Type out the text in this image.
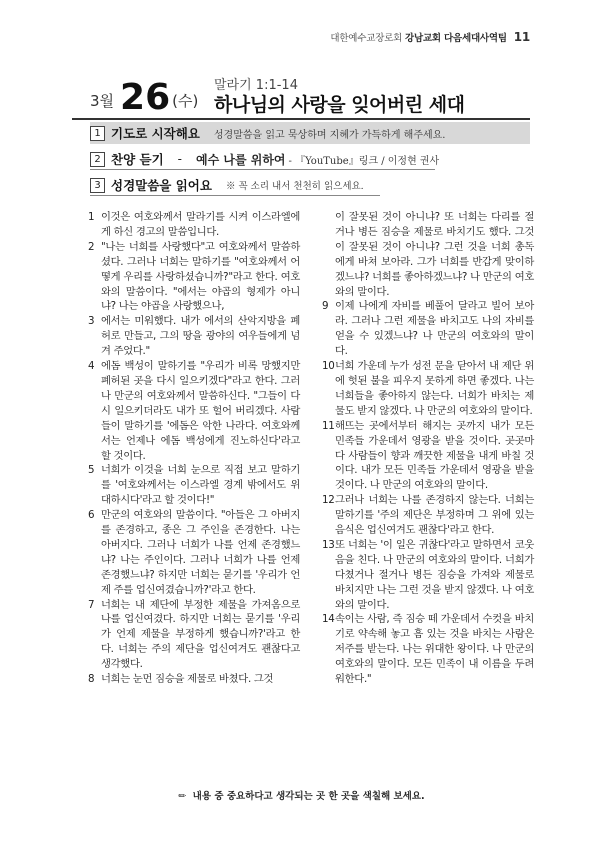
대한예수교장로회 강남교회 다음세대사역팀 11
3월 26 (수)
말라기 1:1-14
하나님의 사랑을 잊어버린 세대
1 기도로 시작해요 성경말씀을 읽고 묵상하며 지혜가 가득하게 해주세요.
2 찬양 듣기 - 예수 나를 위하여 - 『YouTube』링크 / 이정현 권사
3 성경말씀을 읽어요 ※ 꼭 소리 내서 천천히 읽으세요.
1 이것은 여호와께서 말라기를 시켜 이스라엘에게 하신 경고의 말씀입니다.
2 "나는 너희를 사랑했다"고 여호와께서 말씀하셨다. 그러나 너희는 말하기를 "여호와께서 어떻게 우리를 사랑하셨습니까?"라고 한다. 여호와의 말씀이다. "에서는 야곱의 형제가 아니냐? 나는 야곱을 사랑했으나,
3 에서는 미워했다. 내가 에서의 산악지방을 폐허로 만들고, 그의 땅을 광야의 여우들에게 넘겨 주었다."
4 에돔 백성이 말하기를 "우리가 비록 망했지만 폐허된 곳을 다시 일으키겠다"라고 한다. 그러나 만군의 여호와께서 말씀하신다. "그들이 다시 일으키더라도 내가 또 헐어 버리겠다. 사람들이 말하기를 '에돔은 악한 나라다. 여호와께서는 언제나 에돔 백성에게 진노하신다'라고 할 것이다.
5 너희가 이것을 너희 눈으로 직접 보고 말하기를 '여호와께서는 이스라엘 경계 밖에서도 위대하시다'라고 할 것이다!"
6 만군의 여호와의 말씀이다. "아들은 그 아버지를 존경하고, 종은 그 주인을 존경한다. 나는 아버지다. 그러나 너희가 나를 언제 존경했느냐? 나는 주인이다. 그러나 너희가 나를 언제 존경했느냐? 하지만 너희는 묻기를 '우리가 언제 주를 업신여겼습니까?'라고 한다.
7 너희는 내 제단에 부정한 제물을 가져옴으로 나를 업신여겼다. 하지만 너희는 묻기를 '우리가 언제 제물을 부정하게 했습니까?'라고 한다. 너희는 주의 제단을 업신여겨도 괜찮다고 생각했다.
8 너희는 눈먼 짐승을 제물로 바쳤다. 그것
이 잘못된 것이 아니냐? 또 너희는 다리를 절거나 병든 짐승을 제물로 바치기도 했다. 그것이 잘못된 것이 아니냐? 그런 것을 너희 총독에게 바쳐 보아라. 그가 너희를 반갑게 맞이하겠느냐? 너희를 좋아하겠느냐? 나 만군의 여호와의 말이다.
9 이제 나에게 자비를 베풀어 달라고 빌어 보아라. 그러나 그런 제물을 바치고도 나의 자비를 얻을 수 있겠느냐? 나 만군의 여호와의 말이다.
10 너희 가운데 누가 성전 문을 닫아서 내 제단 위에 헛된 불을 피우지 못하게 하면 좋겠다. 나는 너희들을 좋아하지 않는다. 너희가 바치는 제물도 받지 않겠다. 나 만군의 여호와의 말이다.
11 해뜨는 곳에서부터 해지는 곳까지 내가 모든 민족들 가운데서 영광을 받을 것이다. 곳곳마다 사람들이 향과 깨끗한 제물을 내게 바칠 것이다. 내가 모든 민족들 가운데서 영광을 받을 것이다. 나 만군의 여호와의 말이다.
12 그러나 너희는 나를 존경하지 않는다. 너희는 말하기를 '주의 제단은 부정하며 그 위에 있는 음식은 업신여겨도 괜찮다'라고 한다.
13 또 너희는 '이 일은 귀찮다'라고 말하면서 코웃음을 친다. 나 만군의 여호와의 말이다. 너희가 다쳤거나 절거나 병든 짐승을 가져와 제물로 바치지만 나는 그런 것을 받지 않겠다. 나 여호와의 말이다.
14 속이는 사람, 즉 짐승 떼 가운데서 수컷을 바치기로 약속해 놓고 흠 있는 것을 바치는 사람은 저주를 받는다. 나는 위대한 왕이다. 나 만군의 여호와의 말이다. 모든 민족이 내 이름을 두려워한다."
✏ 내용 중 중요하다고 생각되는 곳 한 곳을 색칠해 보세요.
